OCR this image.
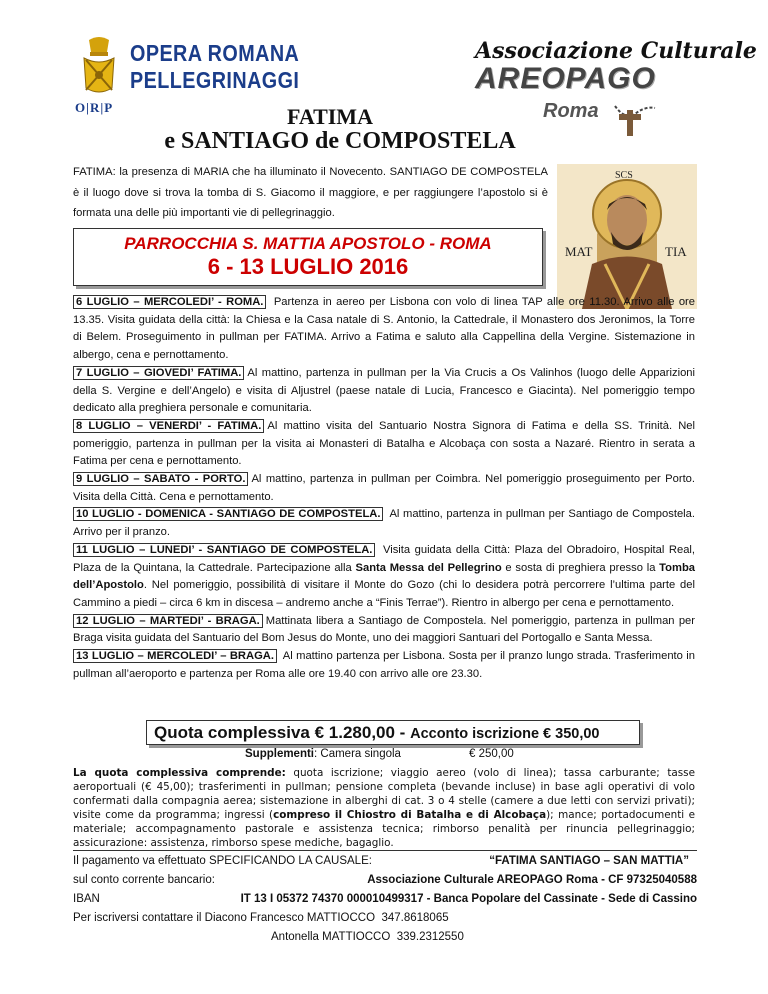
OPERA ROMANA
PELLEGRINAGGI
O|R|P
Associazione Culturale
AREOPAGO
Roma
FATIMA
e SANTIAGO de COMPOSTELA
FATIMA: la presenza di MARIA che ha illuminato il Novecento. SANTIAGO DE COMPOSTELA è il luogo dove si trova la tomba di S. Giacomo il maggiore, e per raggiungere l’apostolo si è formata una delle più importanti vie di pellegrinaggio.
MAT	TIA
SCS
PARROCCHIA S. MATTIA APOSTOLO - ROMA
6 - 13 LUGLIO 2016

6 LUGLIO – MERCOLEDI’ - ROMA. Partenza in aereo per Lisbona con volo di linea TAP alle ore 11.30. Arrivo alle ore 13.35. Visita guidata della città: la Chiesa e la Casa natale di S. Antonio, la Cattedrale, il Monastero dos Jeronimos, la Torre di Belem. Proseguimento in pullman per FATIMA. Arrivo a Fatima e saluto alla Cappellina della Vergine. Sistemazione in albergo, cena e pernottamento.

7 LUGLIO – GIOVEDI’ FATIMA. Al mattino, partenza in pullman per la Via Crucis a Os Valinhos (luogo delle Apparizioni della S. Vergine e dell’Angelo) e visita di Aljustrel (paese natale di Lucia, Francesco e Giacinta). Nel pomeriggio tempo dedicato alla preghiera personale e comunitaria.

8 LUGLIO – VENERDI’ - FATIMA. Al mattino visita del Santuario Nostra Signora di Fatima e della SS. Trinità. Nel pomeriggio, partenza in pullman per la visita ai Monasteri di Batalha e Alcobaça con sosta a Nazaré. Rientro in serata a Fatima per cena e pernottamento.

9 LUGLIO – SABATO - PORTO. Al mattino, partenza in pullman per Coimbra. Nel pomeriggio proseguimento per Porto. Visita della Città. Cena e pernottamento.

10 LUGLIO - DOMENICA - SANTIAGO DE COMPOSTELA. Al mattino, partenza in pullman per Santiago de Compostela. Arrivo per il pranzo.

11 LUGLIO – LUNEDI’ - SANTIAGO DE COMPOSTELA. Visita guidata della Città: Plaza del Obradoiro, Hospital Real, Plaza de la Quintana, la Cattedrale. Partecipazione alla Santa Messa del Pellegrino e sosta di preghiera presso la Tomba dell’Apostolo. Nel pomeriggio, possibilità di visitare il Monte do Gozo (chi lo desidera potrà percorrere l’ultima parte del Cammino a piedi – circa 6 km in discesa – andremo anche a “Finis Terrae”). Rientro in albergo per cena e pernottamento.

12 LUGLIO – MARTEDI’ - BRAGA. Mattinata libera a Santiago de Compostela. Nel pomeriggio, partenza in pullman per Braga visita guidata del Santuario del Bom Jesus do Monte, uno dei maggiori Santuari del Portogallo e Santa Messa.

13 LUGLIO – MERCOLEDI’ – BRAGA. Al mattino partenza per Lisbona. Sosta per il pranzo lungo strada. Trasferimento in pullman all’aeroporto e partenza per Roma alle ore 19.40 con arrivo alle ore 23.30.

Quota complessiva € 1.280,00 - Acconto iscrizione € 350,00
Supplementi: Camera singola	€ 250,00
La quota complessiva comprende: quota iscrizione; viaggio aereo (volo di linea); tassa carburante; tasse aeroportuali (€ 45,00); trasferimenti in pullman; pensione completa (bevande incluse) in base agli operativi di volo confermati dalla compagnia aerea; sistemazione in alberghi di cat. 3 o 4 stelle (camere a due letti con servizi privati); visite come da programma; ingressi (compreso il Chiostro di Batalha e di Alcobaça); mance; portadocumenti e materiale; accompagnamento pastorale e assistenza tecnica; rimborso penalità per rinuncia pellegrinaggio; assicurazione: assistenza, rimborso spese mediche, bagaglio.
Il pagamento va effettuato SPECIFICANDO LA CAUSALE:	“FATIMA SANTIAGO – SAN MATTIA”
sul conto corrente bancario:	Associazione Culturale AREOPAGO Roma - CF 97325040588
IBAN	IT 13 I 05372 74370 000010499317 - Banca Popolare del Cassinate - Sede di Cassino
Per iscriversi contattare il Diacono Francesco MATTIOCCO 347.8618065
Antonella MATTIOCCO 339.2312550
